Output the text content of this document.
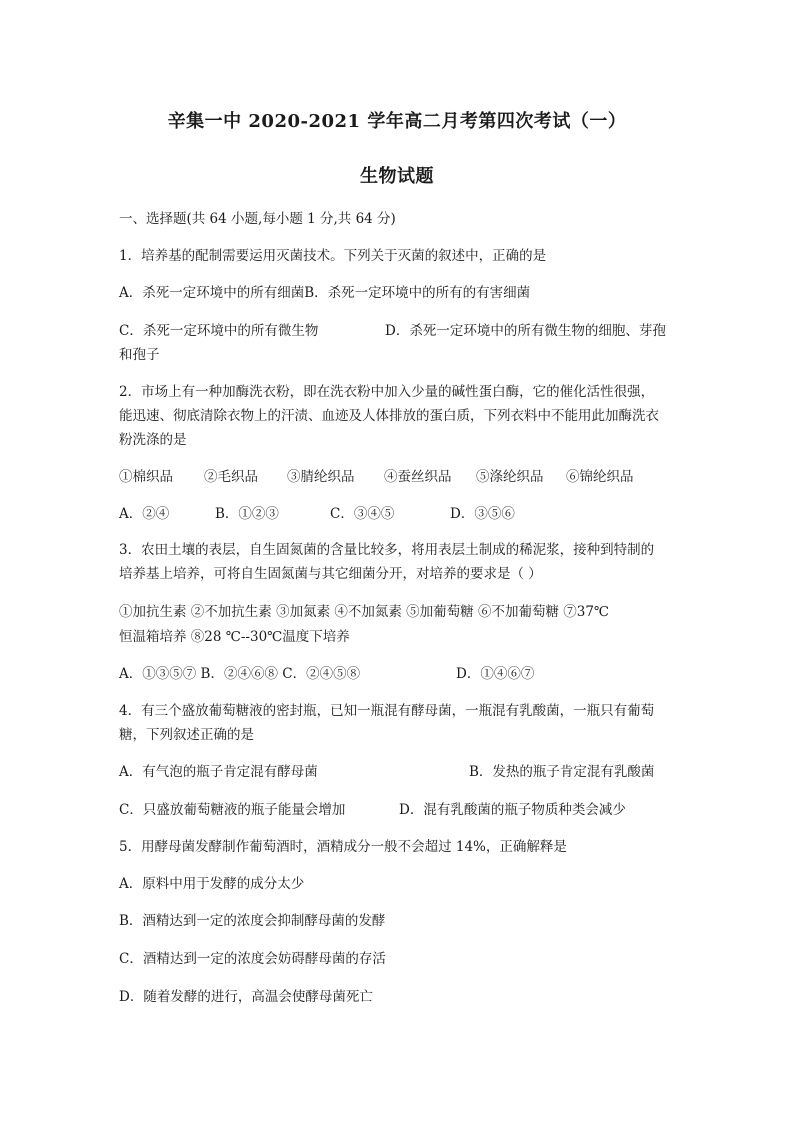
辛集一中 2020-2021 学年高二月考第四次考试（一）
生物试题
一、选择题(共 64 小题,每小题 1 分,共 64 分)
1．培养基的配制需要运用灭菌技术。下列关于灭菌的叙述中，正确的是
A．杀死一定环境中的所有细菌B．杀死一定环境中的所有的有害细菌
C．杀死一定环境中的所有微生物	D．杀死一定环境中的所有微生物的细胞、芽孢
和孢子
2．市场上有一种加酶洗衣粉，即在洗衣粉中加入少量的碱性蛋白酶，它的催化活性很强，
能迅速、彻底清除衣物上的汗渍、血迹及人体排放的蛋白质，下列衣料中不能用此加酶洗衣
粉洗涤的是
①棉织品 ②毛织品 ③腈纶织品 ④蚕丝织品 ⑤涤纶织品 ⑥锦纶织品
A．②④	B．①②③	C．③④⑤	D．③⑤⑥
3．农田土壤的表层，自生固氮菌的含量比较多，将用表层土制成的稀泥浆，接种到特制的
培养基上培养，可将自生固氮菌与其它细菌分开，对培养的要求是（ ）
①加抗生素 ②不加抗生素 ③加氮素 ④不加氮素 ⑤加葡萄糖 ⑥不加葡萄糖 ⑦37℃
恒温箱培养 ⑧28 ℃--30℃温度下培养
A．①③⑤⑦ B．②④⑥⑧ C．②④⑤⑧	D．①④⑥⑦
4．有三个盛放葡萄糖液的密封瓶，已知一瓶混有酵母菌，一瓶混有乳酸菌，一瓶只有葡萄
糖，下列叙述正确的是
A．有气泡的瓶子肯定混有酵母菌	B．发热的瓶子肯定混有乳酸菌
C．只盛放葡萄糖液的瓶子能量会增加	D．混有乳酸菌的瓶子物质种类会减少
5．用酵母菌发酵制作葡萄酒时，酒精成分一般不会超过 14%，正确解释是
A．原料中用于发酵的成分太少
B．酒精达到一定的浓度会抑制酵母菌的发酵
C．酒精达到一定的浓度会妨碍酵母菌的存活
D．随着发酵的进行，高温会使酵母菌死亡
